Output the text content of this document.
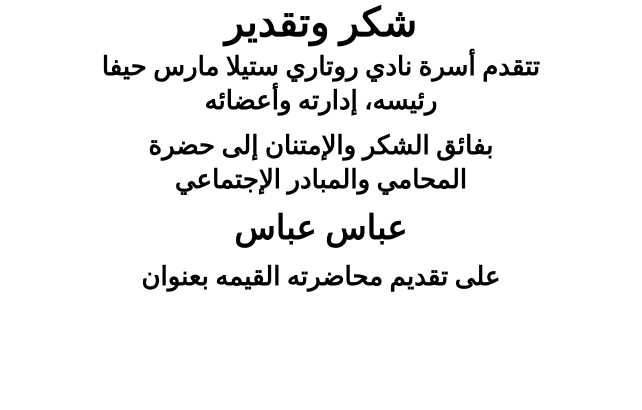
شكر وتقدير
تتقدم أسرة نادي روتاري ستيلا مارس حيفا
رئيسه، إدارته وأعضائه
بفائق الشكر والإمتنان إلى حضرة
المحامي والمبادر الإجتماعي
عباس عباس
على تقديم محاضرته القيمه بعنوان
